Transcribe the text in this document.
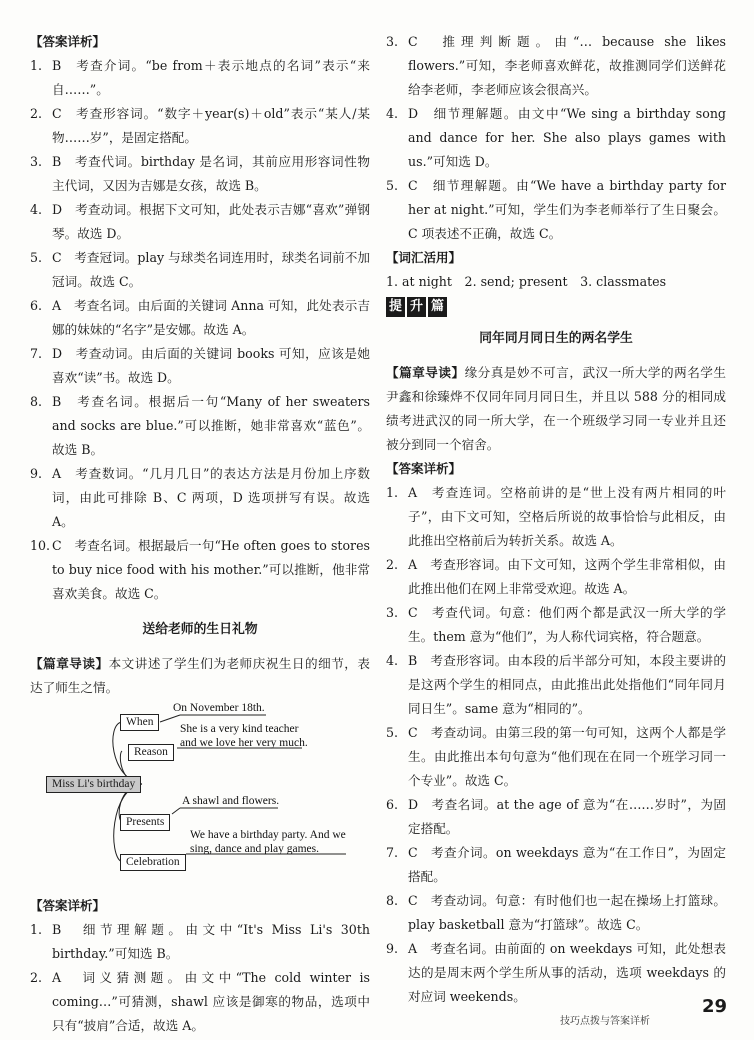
【答案详析】
1. B　考查介词。“be from＋表示地点的名词”表示“来自……”。
2. C　考查形容词。“数字＋year(s)＋old”表示“某人/某物……岁”，是固定搭配。
3. B　考查代词。birthday 是名词，其前应用形容词性物主代词，又因为吉娜是女孩，故选 B。
4. D　考查动词。根据下文可知，此处表示吉娜“喜欢”弹钢琴。故选 D。
5. C　考查冠词。play 与球类名词连用时，球类名词前不加冠词。故选 C。
6. A　考查名词。由后面的关键词 Anna 可知，此处表示吉娜的妹妹的“名字”是安娜。故选 A。
7. D　考查动词。由后面的关键词 books 可知，应该是她喜欢“读”书。故选 D。
8. B　考查名词。根据后一句“Many of her sweaters and socks are blue.”可以推断，她非常喜欢“蓝色”。故选 B。
9. A　考查数词。“几月几日”的表达方法是月份加上序数词，由此可排除 B、C 两项，D 选项拼写有误。故选 A。
10. C　考查名词。根据最后一句“He often goes to stores to buy nice food with his mother.”可以推断，他非常喜欢美食。故选 C。
送给老师的生日礼物
【篇章导读】本文讲述了学生们为老师庆祝生日的细节，表达了师生之情。
When
On November 18th.
Reason
She is a very kind teacher
and we love her very much.
Miss Li's birthday
Presents
A shawl and flowers.
Celebration
We have a birthday party. And we
sing, dance and play games.
【答案详析】
1. B　细节理解题。由文中“It's Miss Li's 30th birthday.”可知选 B。
2. A　词义猜测题。由文中“The cold winter is coming…”可猜测，shawl 应该是御寒的物品，选项中只有“披肩”合适，故选 A。
3. C　推理判断题。由“… because she likes flowers.”可知，李老师喜欢鲜花，故推测同学们送鲜花给李老师，李老师应该会很高兴。
4. D　细节理解题。由文中“We sing a birthday song and dance for her. She also plays games with us.”可知选 D。
5. C　细节理解题。由“We have a birthday party for her at night.”可知，学生们为李老师举行了生日聚会。C 项表述不正确，故选 C。
【词汇活用】
1. at night　2. send; present　3. classmates
提 升 篇
同年同月同日生的两名学生
【篇章导读】缘分真是妙不可言，武汉一所大学的两名学生尹鑫和徐臻烨不仅同年同月同日生，并且以 588 分的相同成绩考进武汉的同一所大学，在一个班级学习同一专业并且还被分到同一个宿舍。
【答案详析】
1. A　考查连词。空格前讲的是“世上没有两片相同的叶子”，由下文可知，空格后所说的故事恰恰与此相反，由此推出空格前后为转折关系。故选 A。
2. A　考查形容词。由下文可知，这两个学生非常相似，由此推出他们在网上非常受欢迎。故选 A。
3. C　考查代词。句意：他们两个都是武汉一所大学的学生。them 意为“他们”，为人称代词宾格，符合题意。
4. B　考查形容词。由本段的后半部分可知，本段主要讲的是这两个学生的相同点，由此推出此处指他们“同年同月同日生”。same 意为“相同的”。
5. C　考查动词。由第三段的第一句可知，这两个人都是学生。由此推出本句句意为“他们现在在同一个班学习同一个专业”。故选 C。
6. D　考查名词。at the age of 意为“在……岁时”，为固定搭配。
7. C　考查介词。on weekdays 意为“在工作日”，为固定搭配。
8. C　考查动词。句意：有时他们也一起在操场上打篮球。play basketball 意为“打篮球”。故选 C。
9. A　考查名词。由前面的 on weekdays 可知，此处想表达的是周末两个学生所从事的活动，选项 weekdays 的对应词 weekends。
技巧点拨与答案详析
29
